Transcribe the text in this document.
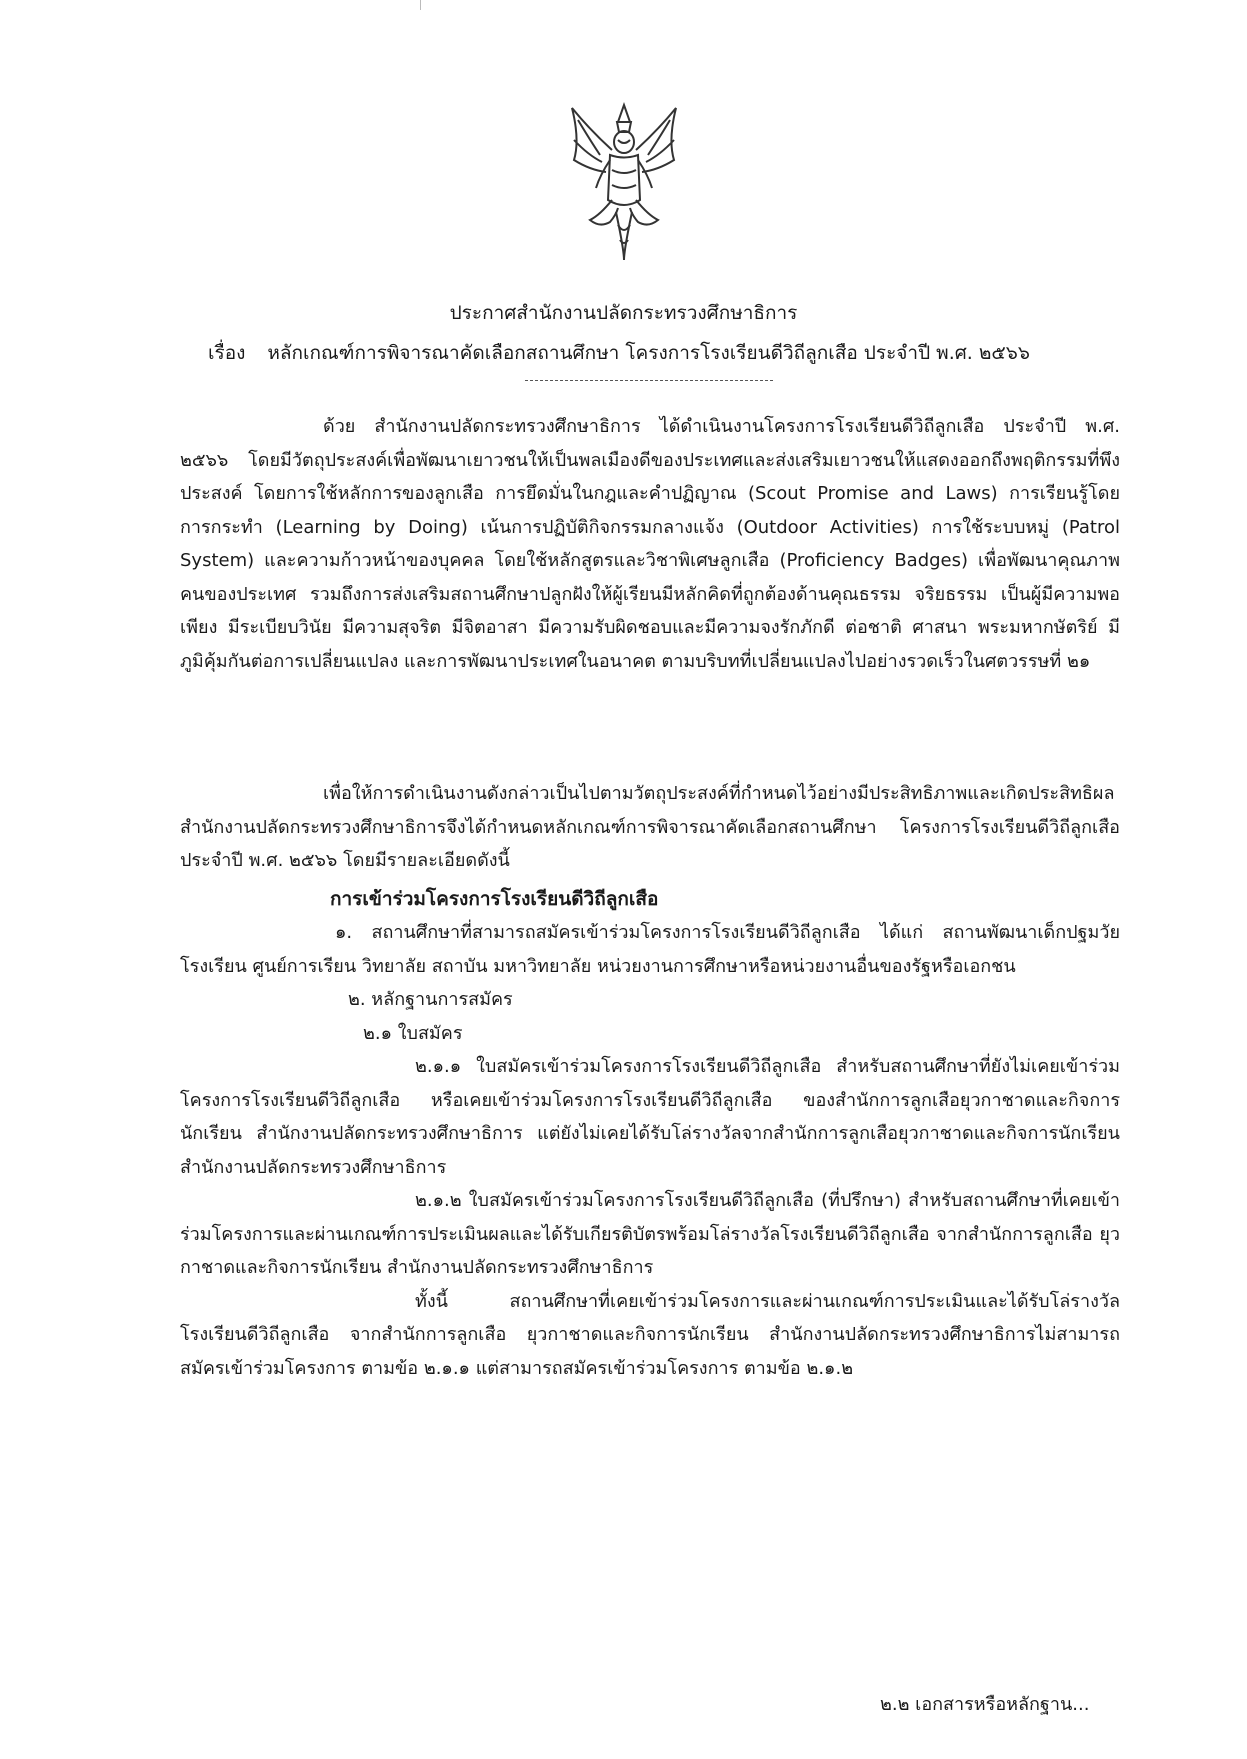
ประกาศสำนักงานปลัดกระทรวงศึกษาธิการ
เรื่อง หลักเกณฑ์การพิจารณาคัดเลือกสถานศึกษา โครงการโรงเรียนดีวิถีลูกเสือ ประจำปี พ.ศ. ๒๕๖๖

ด้วย สำนักงานปลัดกระทรวงศึกษาธิการ ได้ดำเนินงานโครงการโรงเรียนดีวิถีลูกเสือ ประจำปี พ.ศ. ๒๕๖๖ โดยมีวัตถุประสงค์เพื่อพัฒนาเยาวชนให้เป็นพลเมืองดีของประเทศและส่งเสริมเยาวชนให้แสดงออกถึงพฤติกรรมที่พึงประสงค์ โดยการใช้หลักการของลูกเสือ การยึดมั่นในกฎและคำปฏิญาณ (Scout Promise and Laws) การเรียนรู้โดยการกระทำ (Learning by Doing) เน้นการปฏิบัติกิจกรรมกลางแจ้ง (Outdoor Activities) การใช้ระบบหมู่ (Patrol System) และความก้าวหน้าของบุคคล โดยใช้หลักสูตรและวิชาพิเศษลูกเสือ (Proficiency Badges) เพื่อพัฒนาคุณภาพคนของประเทศ รวมถึงการส่งเสริมสถานศึกษาปลูกฝังให้ผู้เรียนมีหลักคิดที่ถูกต้องด้านคุณธรรม จริยธรรม เป็นผู้มีความพอเพียง มีระเบียบวินัย มีความสุจริต มีจิตอาสา มีความรับผิดชอบและมีความจงรักภักดี ต่อชาติ ศาสนา พระมหากษัตริย์ มีภูมิคุ้มกันต่อการเปลี่ยนแปลง และการพัฒนาประเทศในอนาคต ตามบริบทที่เปลี่ยนแปลงไปอย่างรวดเร็วในศตวรรษที่ ๒๑

เพื่อให้การดำเนินงานดังกล่าวเป็นไปตามวัตถุประสงค์ที่กำหนดไว้อย่างมีประสิทธิภาพและเกิดประสิทธิผล สำนักงานปลัดกระทรวงศึกษาธิการจึงได้กำหนดหลักเกณฑ์การพิจารณาคัดเลือกสถานศึกษา โครงการโรงเรียนดีวิถีลูกเสือ ประจำปี พ.ศ. ๒๕๖๖ โดยมีรายละเอียดดังนี้

การเข้าร่วมโครงการโรงเรียนดีวิถีลูกเสือ

๑. สถานศึกษาที่สามารถสมัครเข้าร่วมโครงการโรงเรียนดีวิถีลูกเสือ ได้แก่ สถานพัฒนาเด็กปฐมวัย โรงเรียน ศูนย์การเรียน วิทยาลัย สถาบัน มหาวิทยาลัย หน่วยงานการศึกษาหรือหน่วยงานอื่นของรัฐหรือเอกชน

๒. หลักฐานการสมัคร

๒.๑ ใบสมัคร

๒.๑.๑ ใบสมัครเข้าร่วมโครงการโรงเรียนดีวิถีลูกเสือ สำหรับสถานศึกษาที่ยังไม่เคยเข้าร่วมโครงการโรงเรียนดีวิถีลูกเสือ หรือเคยเข้าร่วมโครงการโรงเรียนดีวิถีลูกเสือ ของสำนักการลูกเสือยุวกาชาดและกิจการนักเรียน สำนักงานปลัดกระทรวงศึกษาธิการ แต่ยังไม่เคยได้รับโล่รางวัลจากสำนักการลูกเสือยุวกาชาดและกิจการนักเรียน สำนักงานปลัดกระทรวงศึกษาธิการ

๒.๑.๒ ใบสมัครเข้าร่วมโครงการโรงเรียนดีวิถีลูกเสือ (ที่ปรึกษา) สำหรับสถานศึกษาที่เคยเข้าร่วมโครงการและผ่านเกณฑ์การประเมินผลและได้รับเกียรติบัตรพร้อมโล่รางวัลโรงเรียนดีวิถีลูกเสือ จากสำนักการลูกเสือ ยุวกาชาดและกิจการนักเรียน สำนักงานปลัดกระทรวงศึกษาธิการ

ทั้งนี้ สถานศึกษาที่เคยเข้าร่วมโครงการและผ่านเกณฑ์การประเมินและได้รับโล่รางวัลโรงเรียนดีวิถีลูกเสือ จากสำนักการลูกเสือ ยุวกาชาดและกิจการนักเรียน สำนักงานปลัดกระทรวงศึกษาธิการไม่สามารถสมัครเข้าร่วมโครงการ ตามข้อ ๒.๑.๑ แต่สามารถสมัครเข้าร่วมโครงการ ตามข้อ ๒.๑.๒

๒.๒ เอกสารหรือหลักฐาน...
